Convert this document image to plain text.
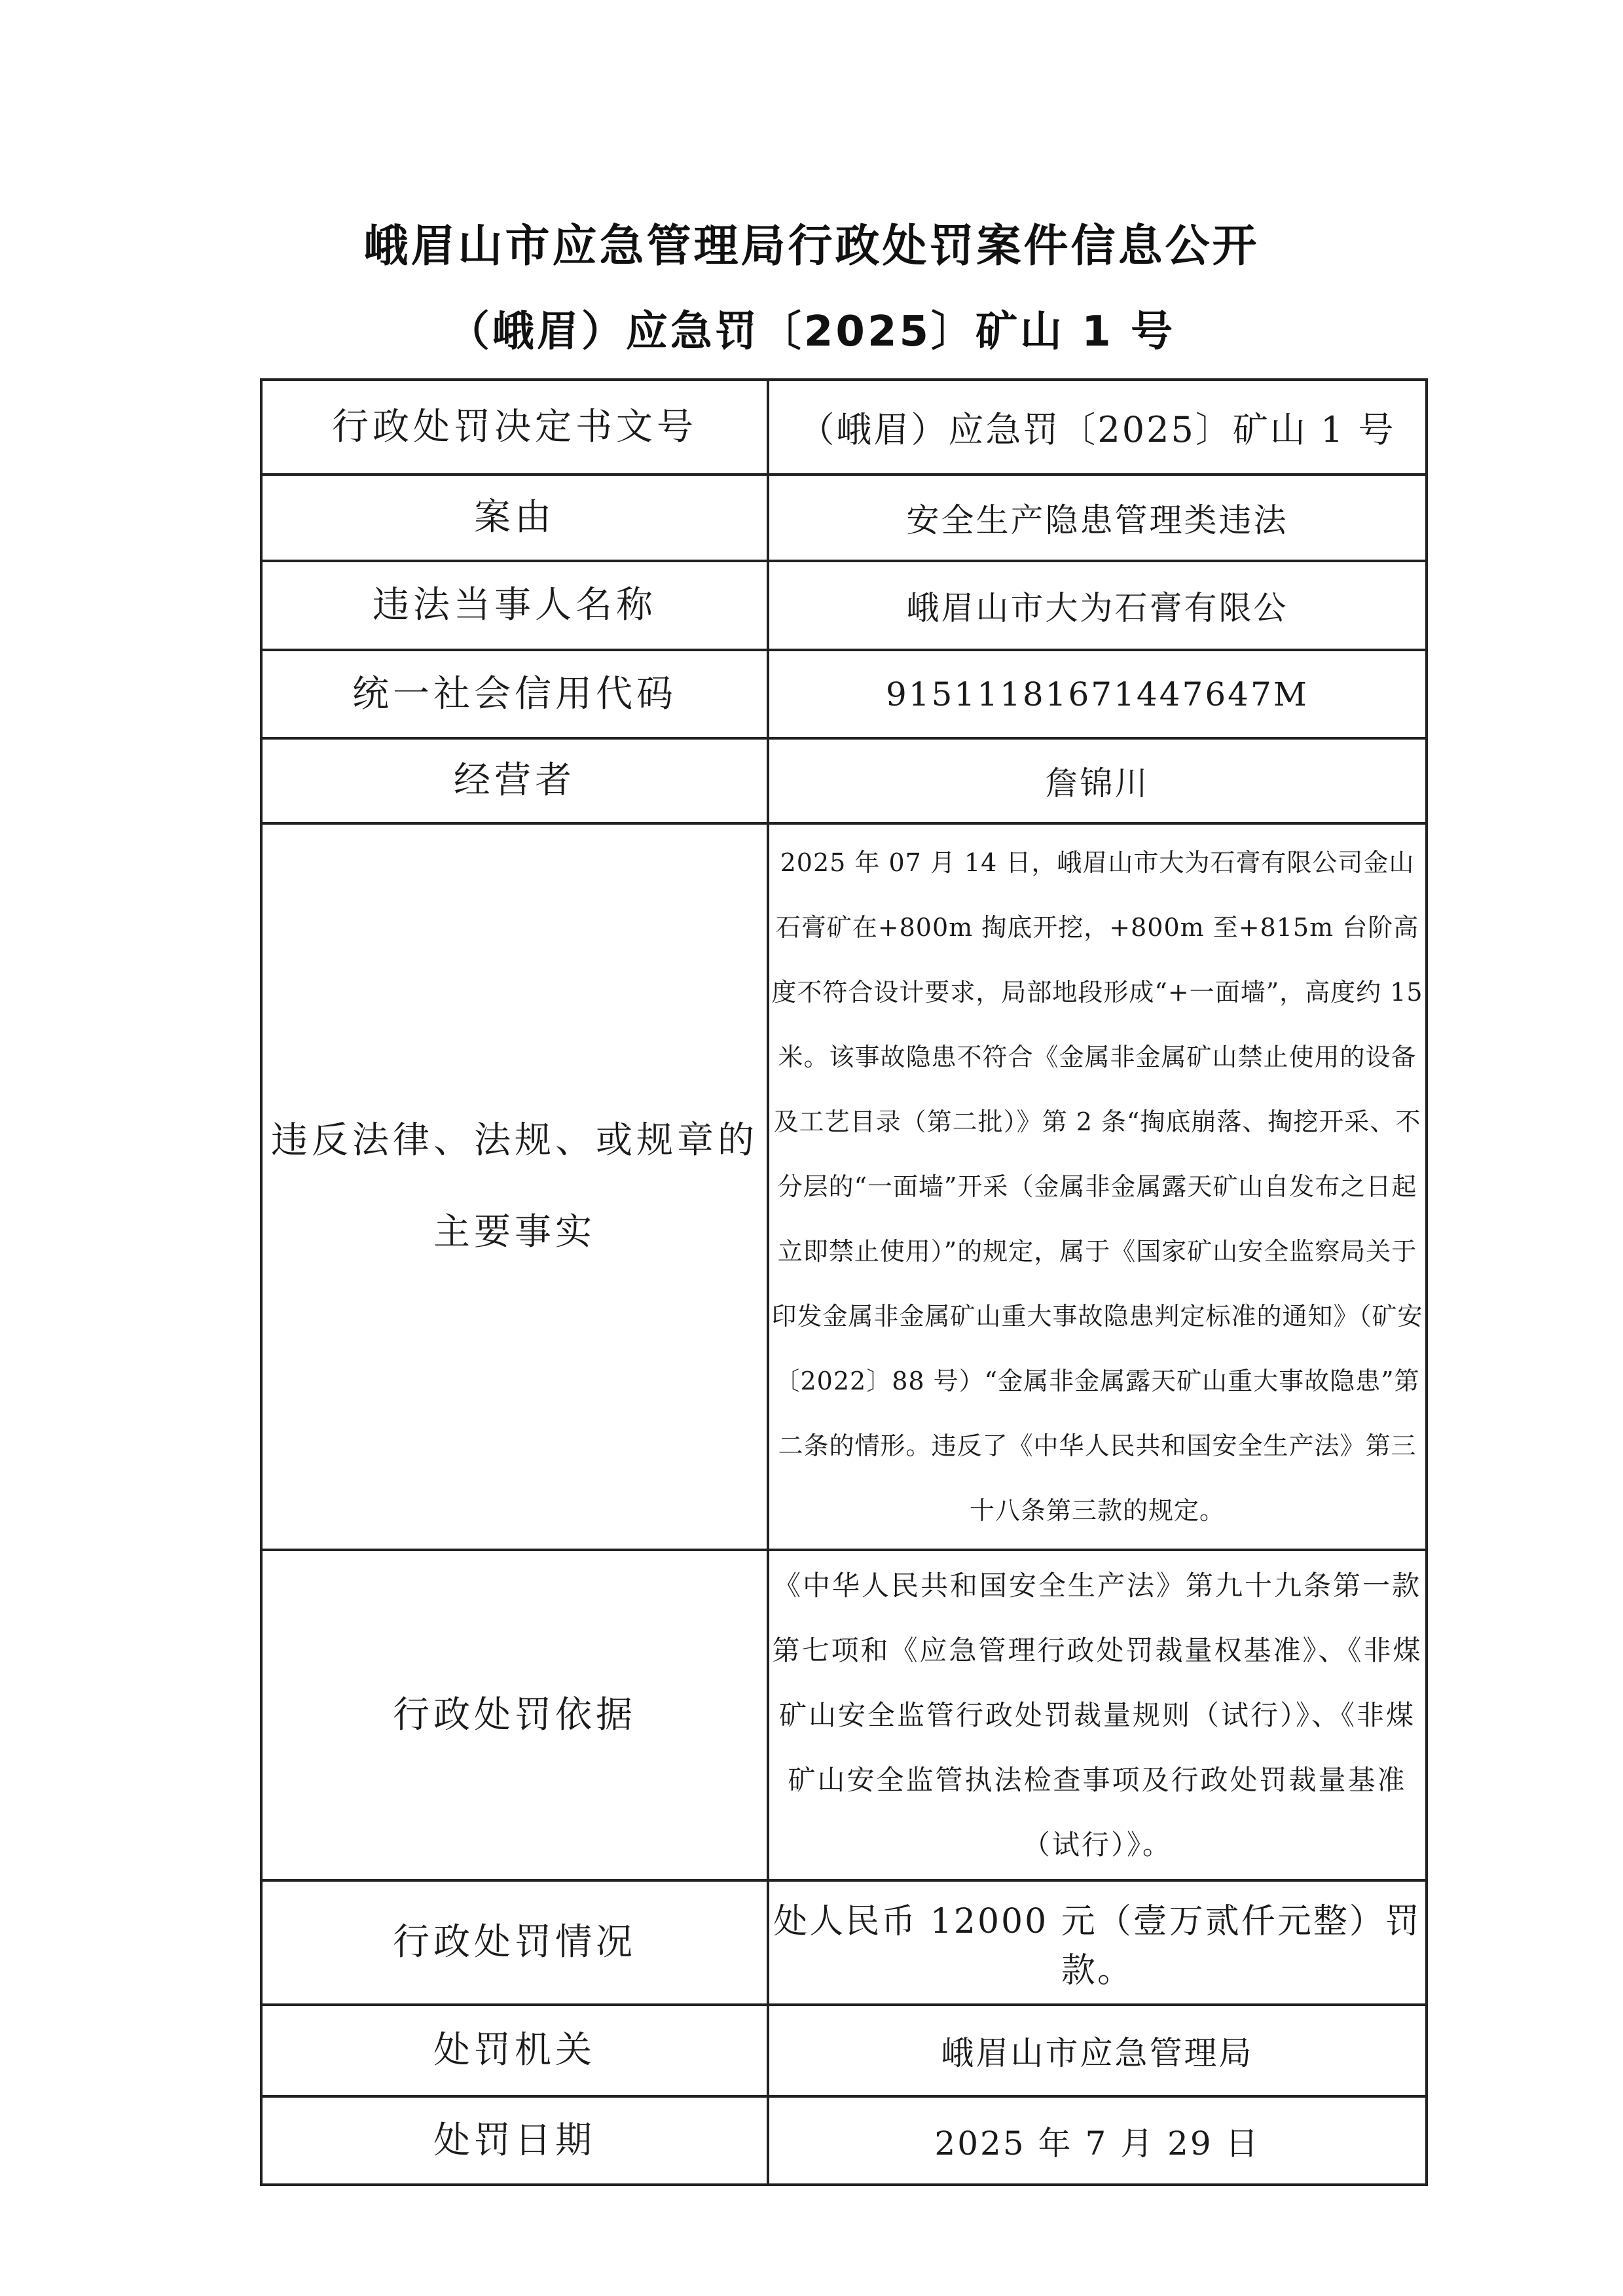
峨眉山市应急管理局行政处罚案件信息公开
（峨眉）应急罚〔2025〕矿山 1 号
行政处罚决定书文号	（峨眉）应急罚〔2025〕矿山 1 号
案由	安全生产隐患管理类违法
违法当事人名称	峨眉山市大为石膏有限公
统一社会信用代码	91511181671447647M
经营者	詹锦川
违反法律、法规、或规章的
主要事实	2025 年 07 月 14 日，峨眉山市大为石膏有限公司金山石膏矿在+800m 掏底开挖，+800m 至+815m 台阶高度不符合设计要求，局部地段形成“+一面墙”，高度约 15 米。该事故隐患不符合《金属非金属矿山禁止使用的设备及工艺目录（第二批）》第 2 条“掏底崩落、掏挖开采、不分层的“一面墙”开采（金属非金属露天矿山自发布之日起立即禁止使用）”的规定，属于《国家矿山安全监察局关于印发金属非金属矿山重大事故隐患判定标准的通知》（矿安〔2022〕88 号）“金属非金属露天矿山重大事故隐患”第二条的情形。违反了《中华人民共和国安全生产法》第三十八条第三款的规定。
行政处罚依据	《中华人民共和国安全生产法》第九十九条第一款第七项和《应急管理行政处罚裁量权基准》、《非煤矿山安全监管行政处罚裁量规则（试行）》、《非煤矿山安全监管执法检查事项及行政处罚裁量基准（试行）》。
行政处罚情况	处人民币 12000 元（壹万贰仟元整）罚款。
处罚机关	峨眉山市应急管理局
处罚日期	2025 年 7 月 29 日
